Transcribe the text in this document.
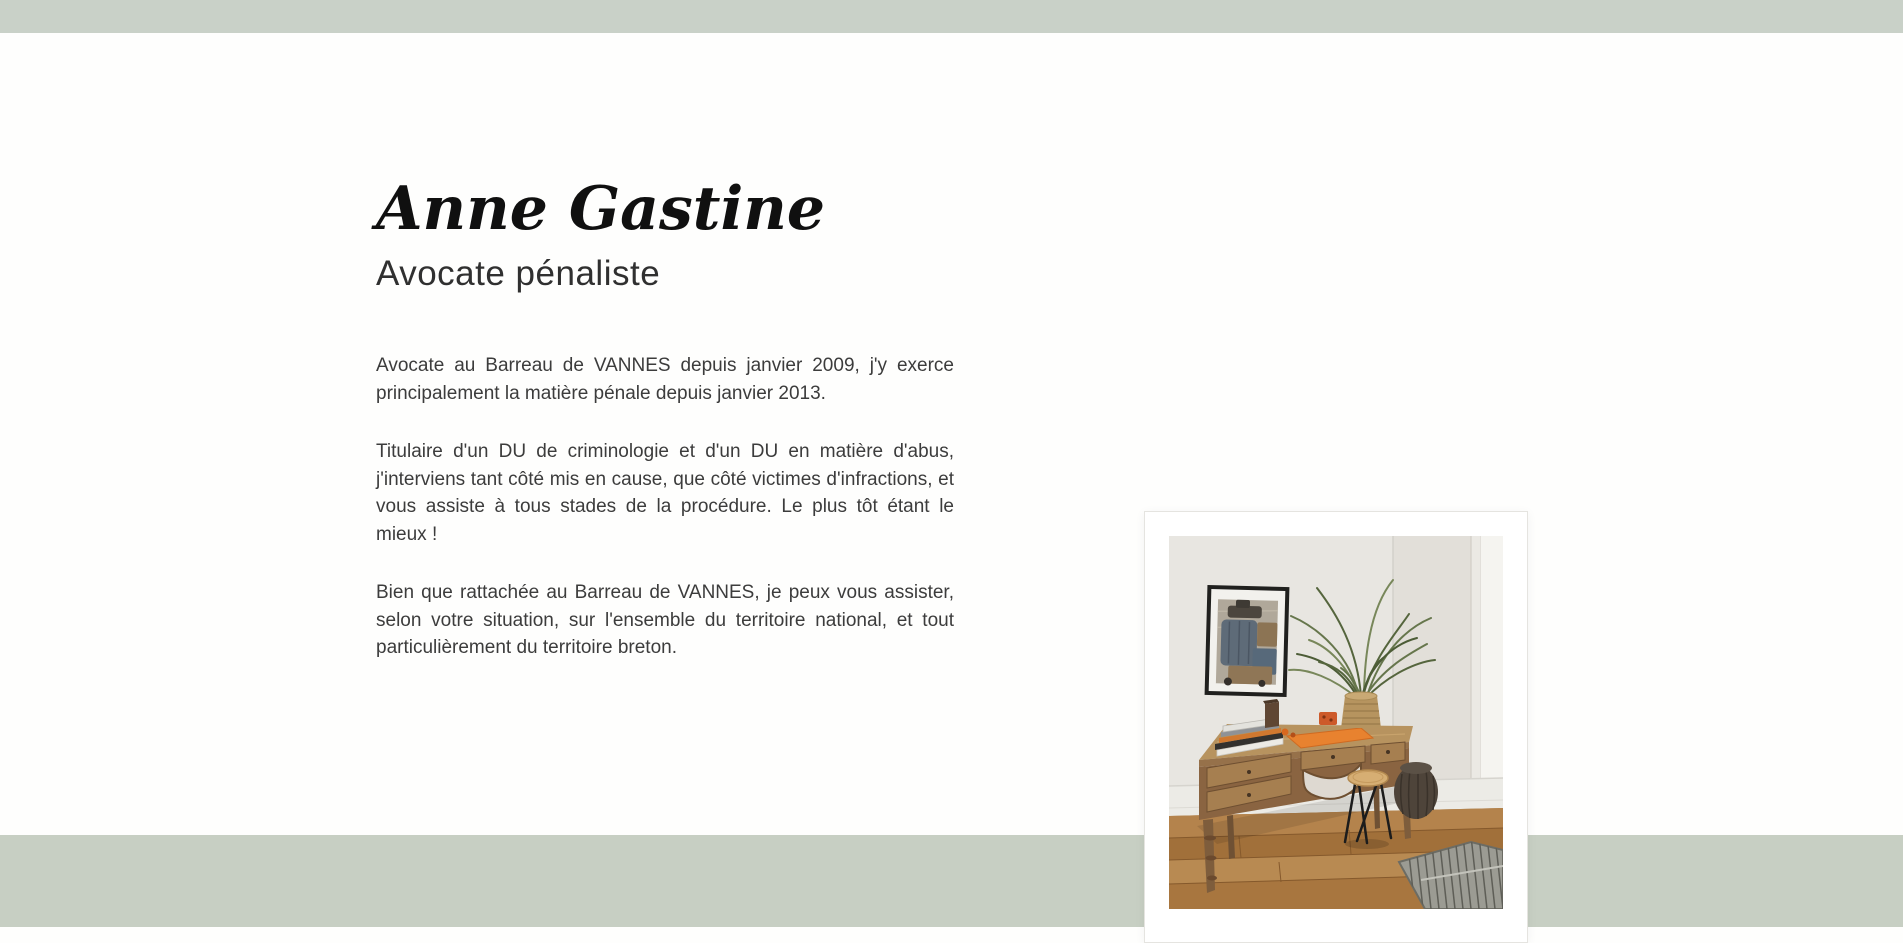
Anne Gastine
Avocate pénaliste

Avocate au Barreau de VANNES depuis janvier 2009, j'y exerce principalement la matière pénale depuis janvier 2013.

Titulaire d'un DU de criminologie et d'un DU en matière d'abus, j'interviens tant côté mis en cause, que côté victimes d'infractions, et vous assiste à tous stades de la procédure. Le plus tôt étant le mieux !

Bien que rattachée au Barreau de VANNES, je peux vous assister, selon votre situation, sur l'ensemble du territoire national, et tout particulièrement du territoire breton.
